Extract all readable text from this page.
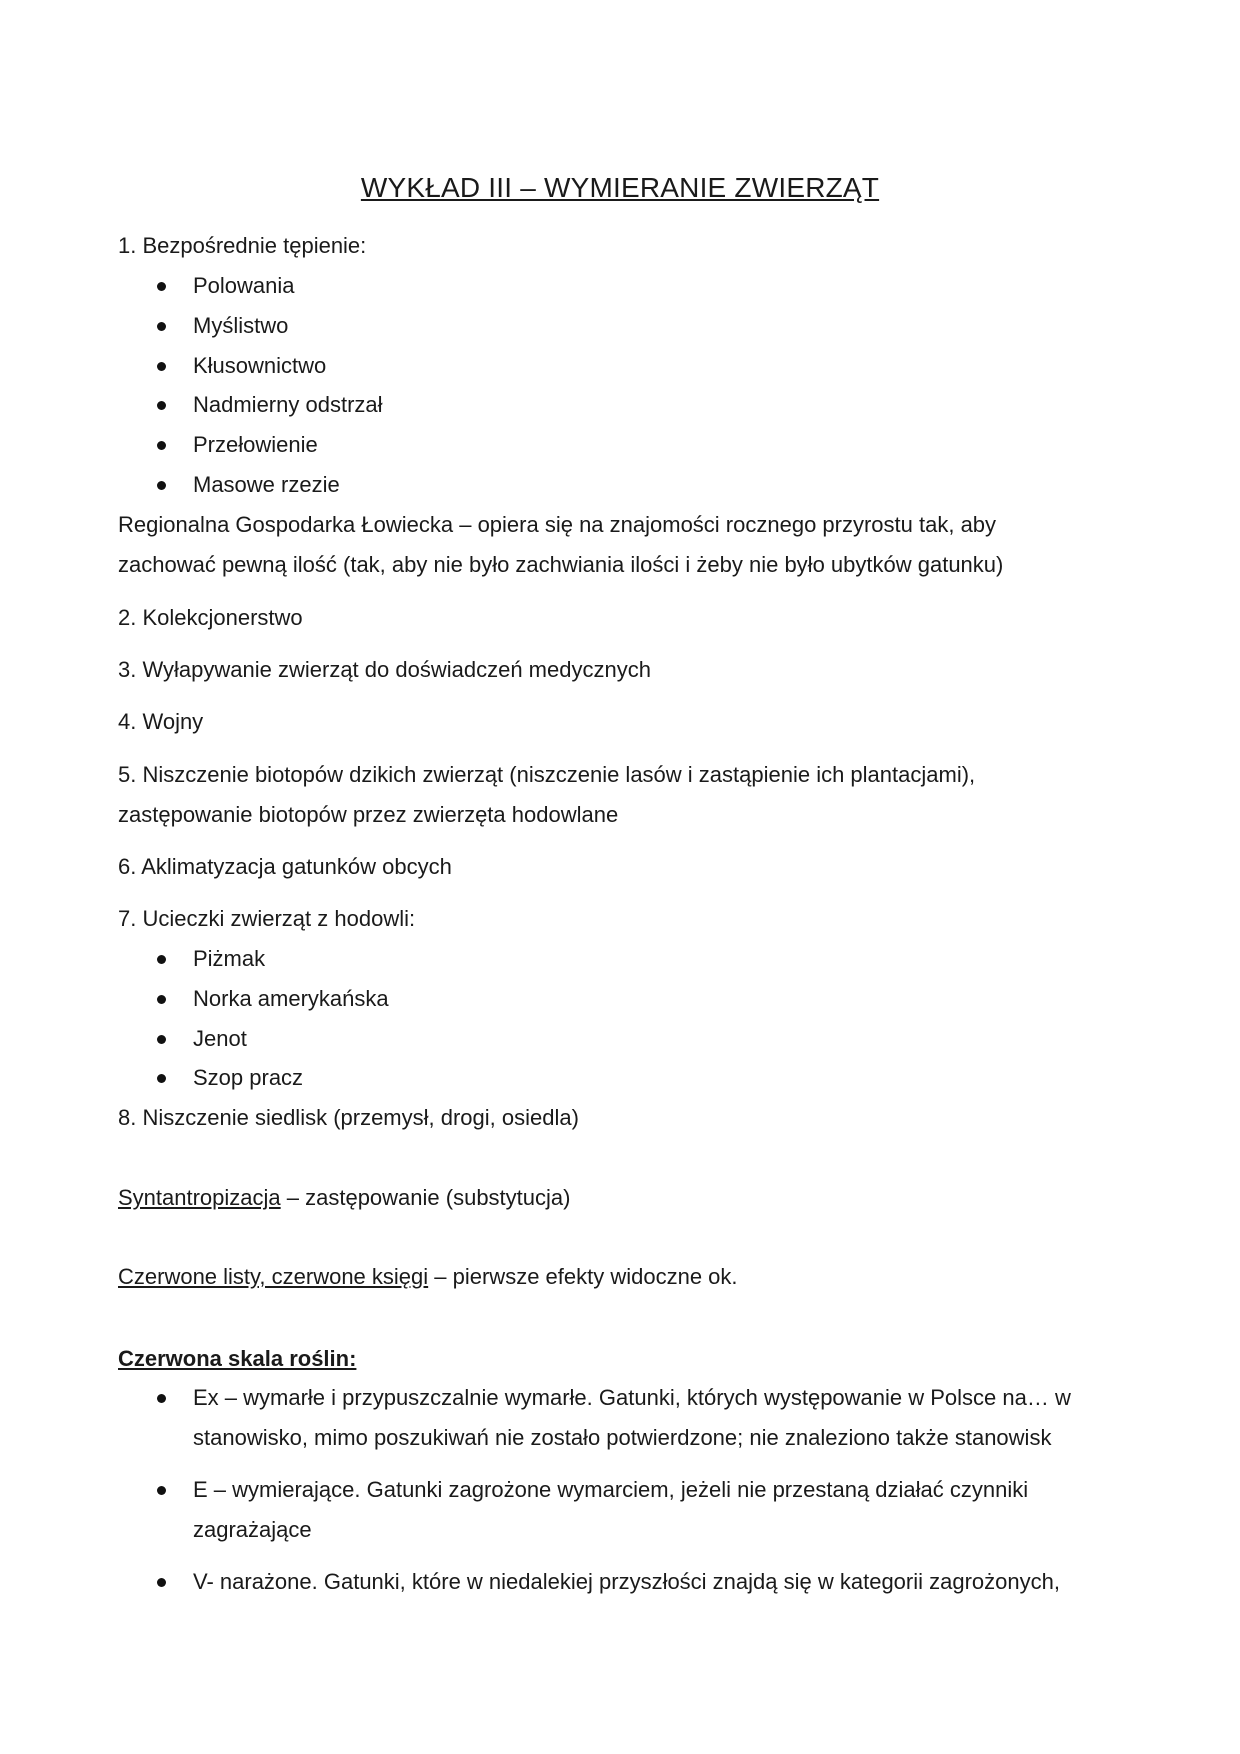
WYKŁAD III – WYMIERANIE ZWIERZĄT
1. Bezpośrednie tępienie:
Polowania
Myślistwo
Kłusownictwo
Nadmierny odstrzał
Przełowienie
Masowe rzezie
Regionalna Gospodarka Łowiecka – opiera się na znajomości rocznego przyrostu tak, aby
zachować pewną ilość (tak, aby nie było zachwiania ilości i żeby nie było ubytków gatunku)
2. Kolekcjonerstwo
3. Wyłapywanie zwierząt do doświadczeń medycznych
4. Wojny
5. Niszczenie biotopów dzikich zwierząt (niszczenie lasów i zastąpienie ich plantacjami),
zastępowanie biotopów przez zwierzęta hodowlane
6. Aklimatyzacja gatunków obcych
7. Ucieczki zwierząt z hodowli:
Piżmak
Norka amerykańska
Jenot
Szop pracz
8. Niszczenie siedlisk (przemysł, drogi, osiedla)
Syntantropizacja – zastępowanie (substytucja)
Czerwone listy, czerwone księgi – pierwsze efekty widoczne ok.
Czerwona skala roślin:
Ex – wymarłe i przypuszczalnie wymarłe. Gatunki, których występowanie w Polsce na… w
stanowisko, mimo poszukiwań nie zostało potwierdzone; nie znaleziono także stanowisk
E – wymierające. Gatunki zagrożone wymarciem, jeżeli nie przestaną działać czynniki
zagrażające
V- narażone. Gatunki, które w niedalekiej przyszłości znajdą się w kategorii zagrożonych,
